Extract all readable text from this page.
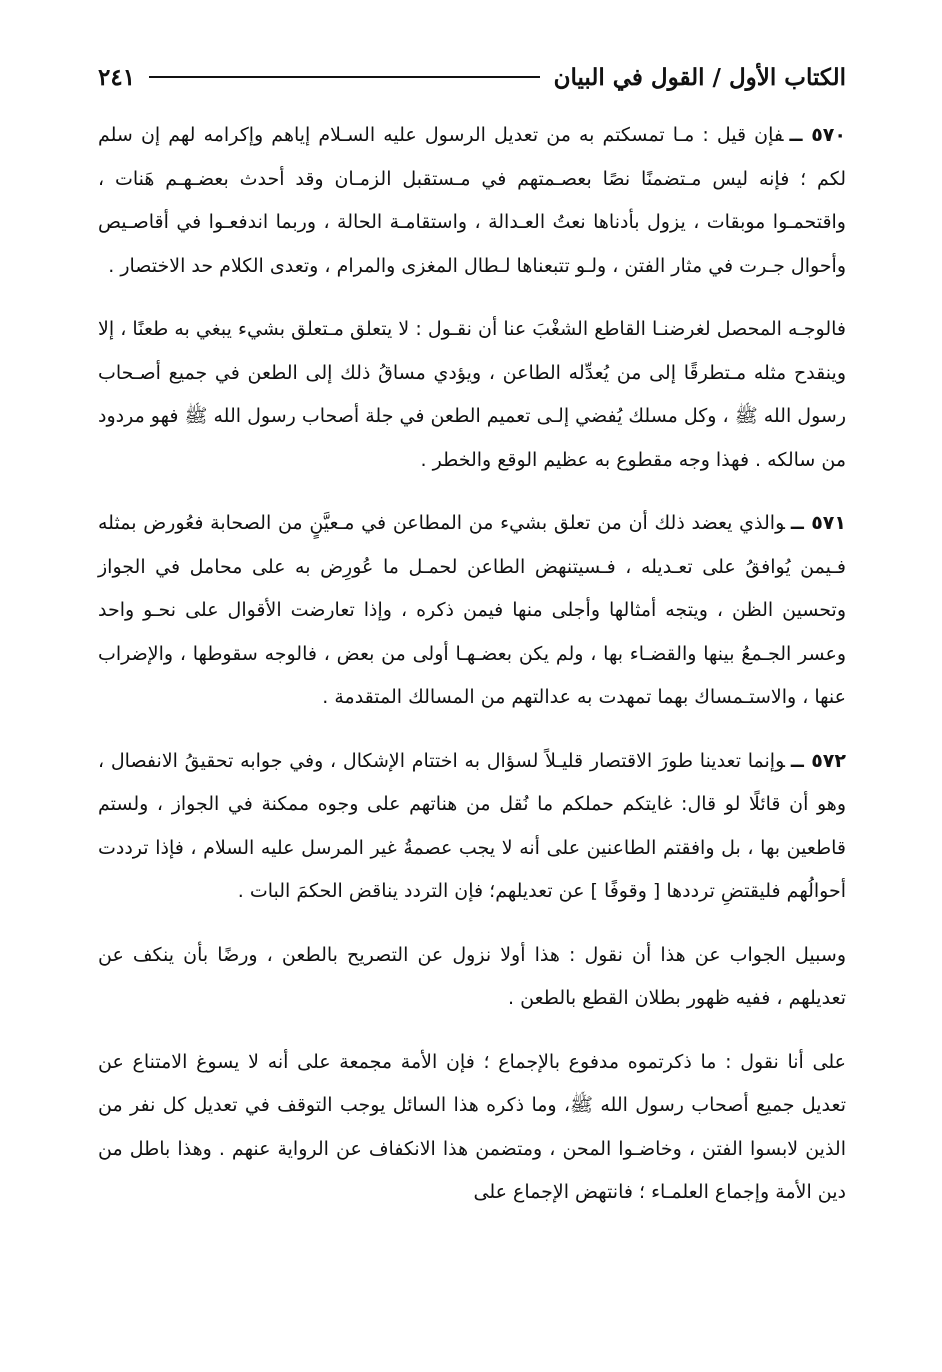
الكتاب الأول / القول في البيان
٢٤١

٥٧٠ ــفإن قيل : مـا تمسكتم به من تعديل الرسول عليه السـلام إياهم وإكرامه لهم إن سلم لكم ؛ فإنه ليس مـتضمنًا نصًا بعصـمتهم في مـستقبل الزمـان وقد أحدث بعضـهـم هَنات ، واقتحمـوا موبقات ، يزول بأدناها نعتُ العـدالة ، واستقامـة الحالة ، وربما اندفعـوا في أقاصـيص وأحوال جـرت في مثار الفتن ، ولـو تتبعناها لـطال المغزى والمرام ، وتعدى الكلام حد الاختصار .

فالوجـه المحصل لغرضنـا القاطع الشغْبَ عنا أن نقـول : لا يتعلق مـتعلق بشيء يبغي به طعنًا ، إلا وينقدح مثله مـتطرقًا إلى من يُعدِّله الطاعن ، ويؤدي مساقُ ذلك إلى الطعن في جميع أصـحاب رسول الله ﷺ ، وكل مسلك يُفضي إلـى تعميم الطعن في جلة أصحاب رسول الله ﷺ فهو مردود من سالكه . فهذا وجه مقطوع به عظيم الوقع والخطر .

٥٧١ ــوالذي يعضد ذلك أن من تعلق بشيء من المطاعن في مـعيَّنٍ من الصحابة فعُورض بمثله فـيمن يُوافقُ على تعـديله ، فـسيتنهض الطاعن لحمـل ما عُورِض به على محامل في الجواز وتحسين الظن ، ويتجه أمثالها وأجلى منها فيمن ذكره ، وإذا تعارضت الأقوال على نحـو واحد وعسر الجـمعُ بينها والقضـاء بها ، ولم يكن بعضـهـا أولى من بعض ، فالوجه سقوطها ، والإضراب عنها ، والاستـمساك بهما تمهدت به عدالتهم من المسالك المتقدمة .

٥٧٢ ــوإنما تعدينا طورَ الاقتصار قليـلاً لسؤال به اختتام الإشكال ، وفي جوابه تحقيقُ الانفصال ، وهو أن قائلًا لو قال: غايتكم حملكم ما نُقل من هناتهم على وجوه ممكنة في الجواز ، ولستم قاطعين بها ، بل وافقتم الطاعنين على أنه لا يجب عصمةُ غير المرسل عليه السلام ، فإذا ترددت أحوالُهم فليقتضِ ترددها [ وقوفًا ] عن تعديلهم؛ فإن التردد يناقض الحكمَ البات .

وسبيل الجواب عن هذا أن نقول : هذا أولا نزول عن التصريح بالطعن ، ورضًا بأن ينكف عن تعديلهم ، ففيه ظهور بطلان القطع بالطعن .

على أنا نقول : ما ذكرتموه مدفوع بالإجماع ؛ فإن الأمة مجمعة على أنه لا يسوغ الامتناع عن تعديل جميع أصحاب رسول الله ﷺ، وما ذكره هذا السائل يوجب التوقف في تعديل كل نفر من الذين لابسوا الفتن ، وخاضـوا المحن ، ومتضمن هذا الانكفاف عن الرواية عنهم . وهذا باطل من دين الأمة وإجماع العلمـاء ؛ فانتهض الإجماع على
